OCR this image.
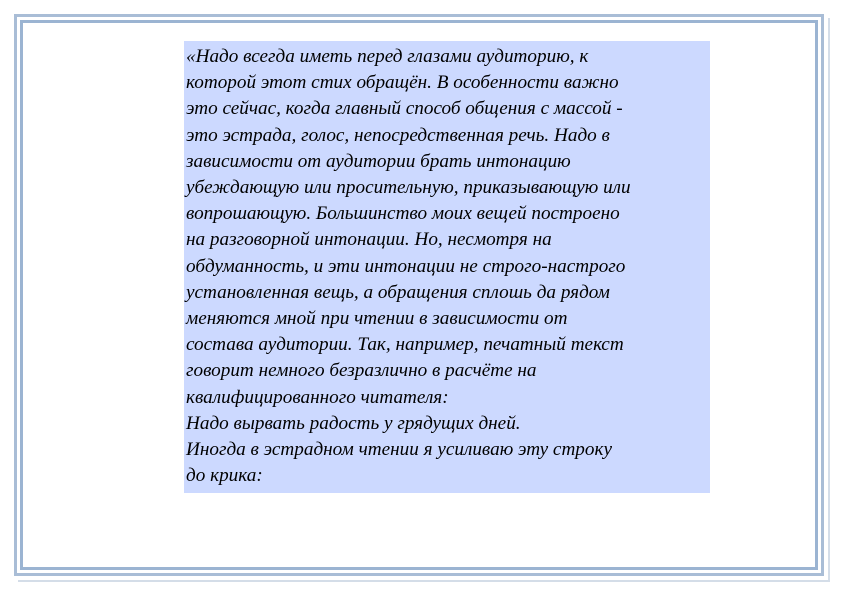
«Надо всегда иметь перед глазами аудиторию, к
которой этот стих обращён. В особенности важно
это сейчас, когда главный способ общения с массой -
это эстрада, голос, непосредственная речь. Надо в
зависимости от аудитории брать интонацию
убеждающую или просительную, приказывающую или
вопрошающую. Большинство моих вещей построено
на разговорной интонации. Но, несмотря на
обдуманность, и эти интонации не строго-настрого
установленная вещь, а обращения сплошь да рядом
меняются мной при чтении в зависимости от
состава аудитории. Так, например, печатный текст
говорит немного безразлично в расчёте на
квалифицированного читателя:
Надо вырвать радость у грядущих дней.
Иногда в эстрадном чтении я усиливаю эту строку
до крика:
